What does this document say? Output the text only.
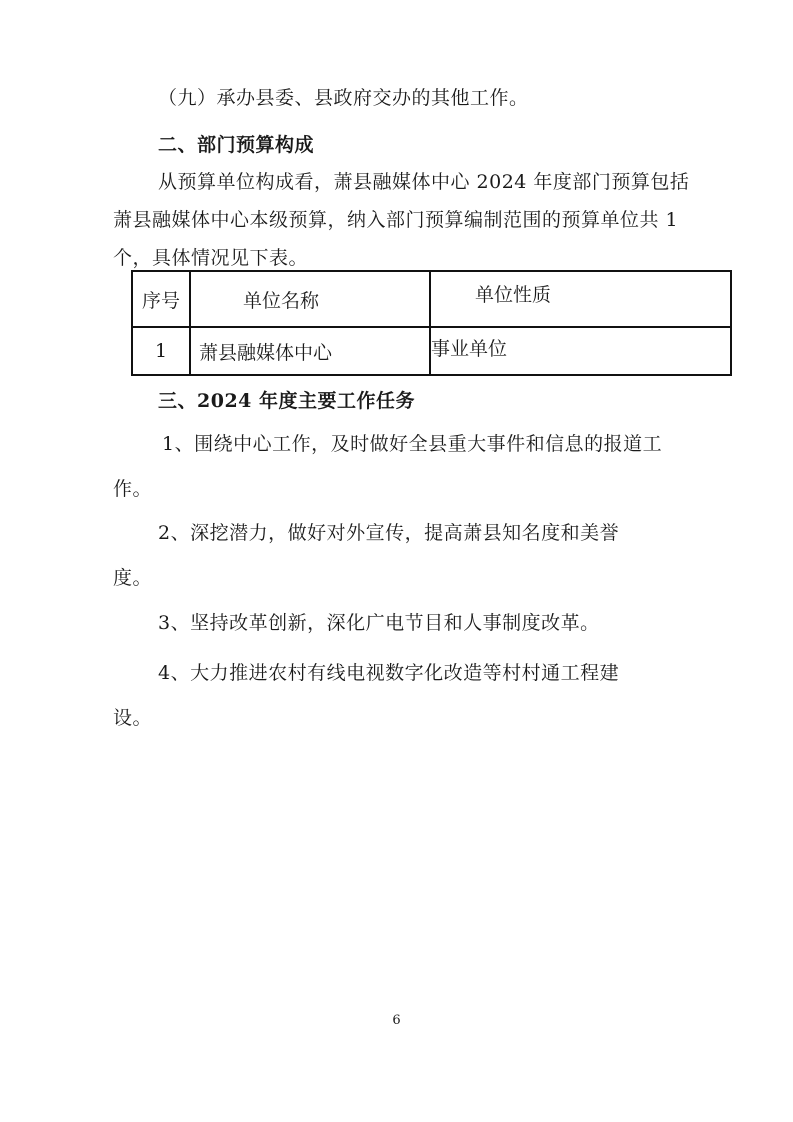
（九）承办县委、县政府交办的其他工作。
二、部门预算构成
从预算单位构成看，萧县融媒体中心 2024 年度部门预算包括
萧县融媒体中心本级预算，纳入部门预算编制范围的预算单位共 1
个，具体情况见下表。
序号	单位名称	单位性质
1	萧县融媒体中心	事业单位
三、2024 年度主要工作任务
1、围绕中心工作，及时做好全县重大事件和信息的报道工
作。
2、深挖潜力，做好对外宣传，提高萧县知名度和美誉
度。
3、坚持改革创新，深化广电节目和人事制度改革。
4、大力推进农村有线电视数字化改造等村村通工程建
设。
6
